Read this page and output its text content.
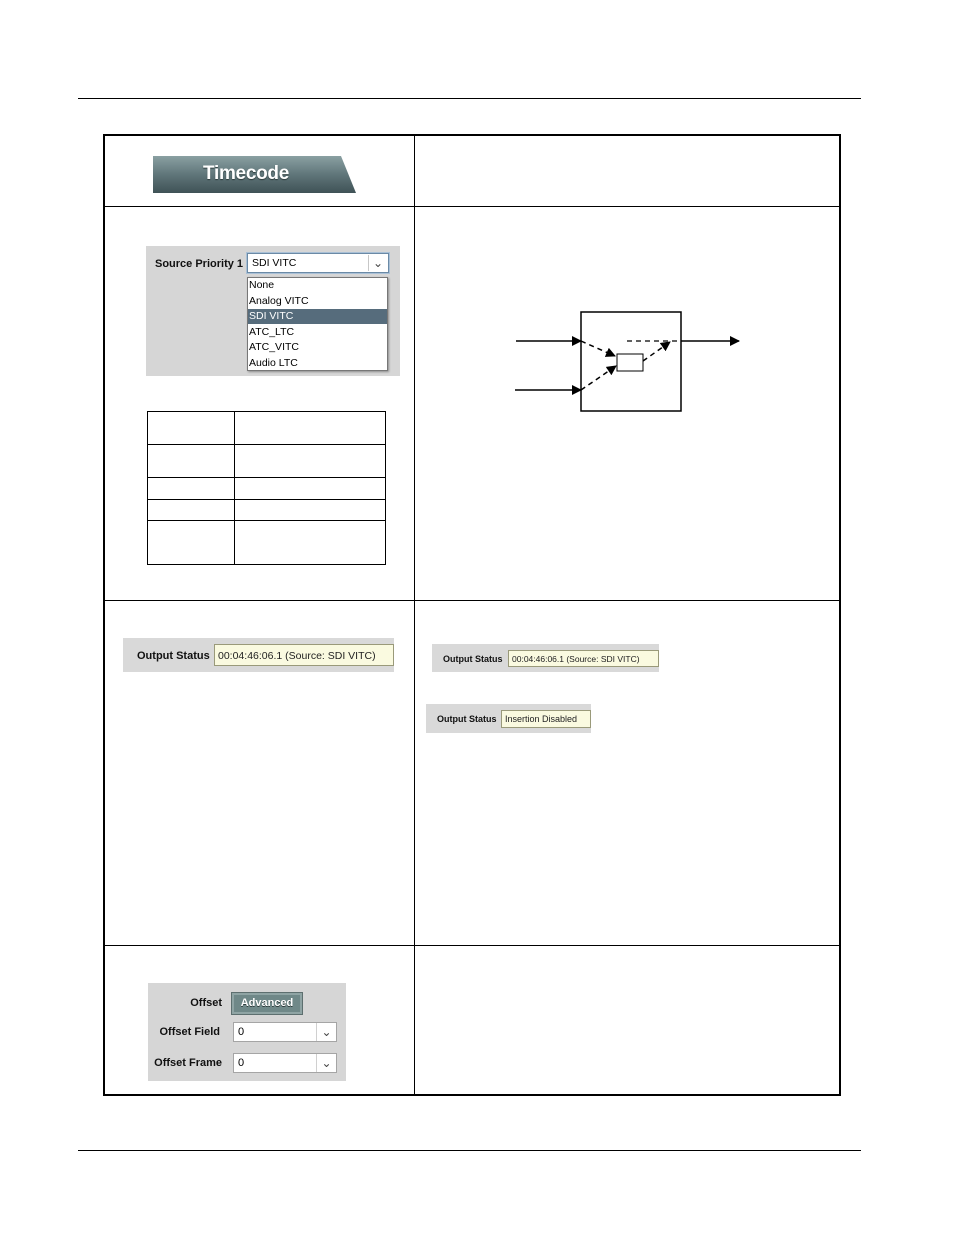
Timecode
Source Priority 1 SDI VITC	⌄
None
Analog VITC
SDI VITC
ATC_LTC
ATC_VITC
Audio LTC
Output Status 00:04:46:06.1 (Source: SDI VITC)	Output Status	00:04:46:06.1 (Source: SDI VITC)
Output Status Insertion Disabled
Offset	Advanced
Offset Field 0	⌄
Offset Frame 0	⌄
